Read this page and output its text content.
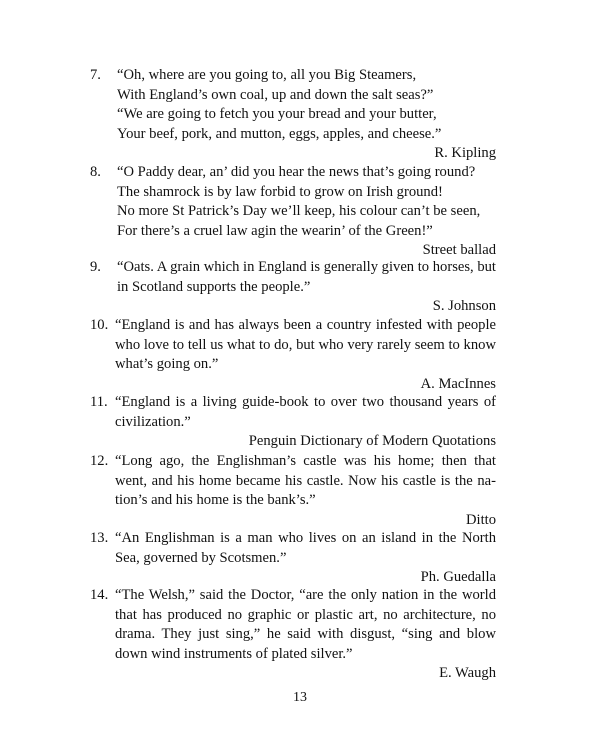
7. “Oh, where are you going to, all you Big Steamers,
With England’s own coal, up and down the salt seas?”
“We are going to fetch you your bread and your butter,
Your beef, pork, and mutton, eggs, apples, and cheese.”
R. Kipling
8. “O Paddy dear, an’ did you hear the news that’s going round?
The shamrock is by law forbid to grow on Irish ground!
No more St Patrick’s Day we’ll keep, his colour can’t be seen,
For there’s a cruel law agin the wearin’ of the Green!”
Street ballad
9. “Oats. A grain which in England is generally given to horses, but
in Scotland supports the people.”
S. Johnson
10. “England is and has always been a country infested with people
who love to tell us what to do, but who very rarely seem to know
what’s going on.”
A. MacInnes
11. “England is a living guide-book to over two thousand years of
civilization.”
Penguin Dictionary of Modern Quotations
12. “Long ago, the Englishman’s castle was his home; then that
went, and his home became his castle. Now his castle is the na-
tion’s and his home is the bank’s.”
Ditto
13. “An Englishman is a man who lives on an island in the North
Sea, governed by Scotsmen.”
Ph. Guedalla
14. “The Welsh,” said the Doctor, “are the only nation in the world
that has produced no graphic or plastic art, no architecture, no
drama. They just sing,” he said with disgust, “sing and blow
down wind instruments of plated silver.”
E. Waugh
13
